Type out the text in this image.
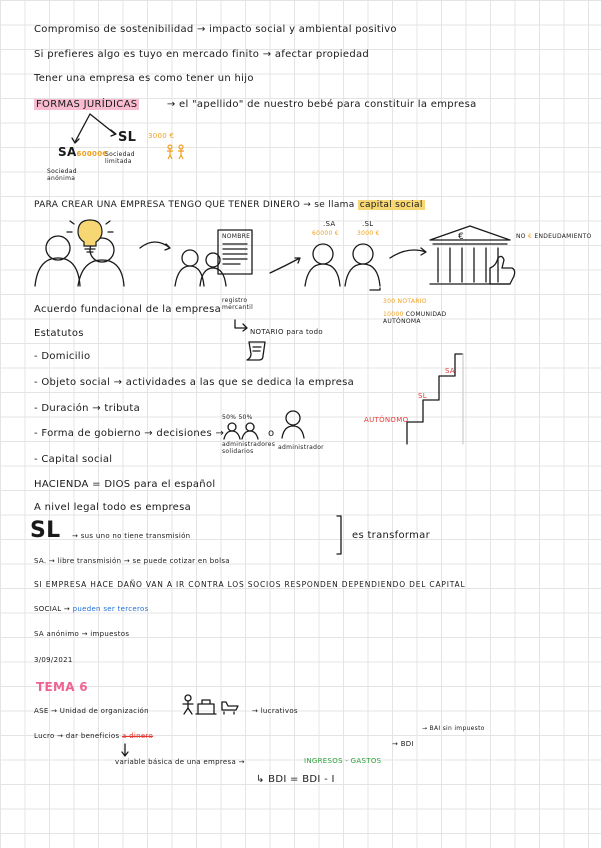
Compromiso de sostenibilidad → impacto social y ambiental positivo
Si prefieres algo es tuyo en mercado finito → afectar propiedad
Tener una empresa es como tener un hijo
FORMAS JURÍDICAS	→ el "apellido" de nuestro bebé para constituir la empresa
SL 3000 €
SA60000€
Sociedad anónima
Sociedad limitada
PARA CREAR UNA EMPRESA TENGO QUE TENER DINERO → se llama capital social
NOMBRE
.SA
60000 €
.SL
3000 €	NO € ENDEUDAMIENTO
€
300 NOTARIO
10000 COMUNIDAD AUTÓNOMA
Acuerdo fundacional de la empresa
registro mercantil
NOTARIO para todo
Estatutos
- Domicilio
- Objeto social → actividades a las que se dedica la empresa
- Duración → tributa
- Forma de gobierno → decisiones →
50% 50%
administradores solidarios
o
administrador
- Capital social
SA
SL
AUTÓNOMO
HACIENDA = DIOS para el español
A nivel legal todo es empresa
SL → sus uno no tiene transmisión	es transformar
SA. → libre transmisión → se puede cotizar en bolsa
SI EMPRESA HACE DAÑO VAN A IR CONTRA LOS SOCIOS RESPONDEN DEPENDIENDO DEL CAPITAL
SOCIAL → pueden ser terceros
SA anónimo → impuestos
3/09/2021
TEMA 6
ASE → Unidad de organización	→ lucrativos
Lucro → dar beneficios a dinero
variable básica de una empresa →	INGRESOS - GASTOS
→ BDI
→ BAI sin impuesto
↳ BDI = BDI - I
